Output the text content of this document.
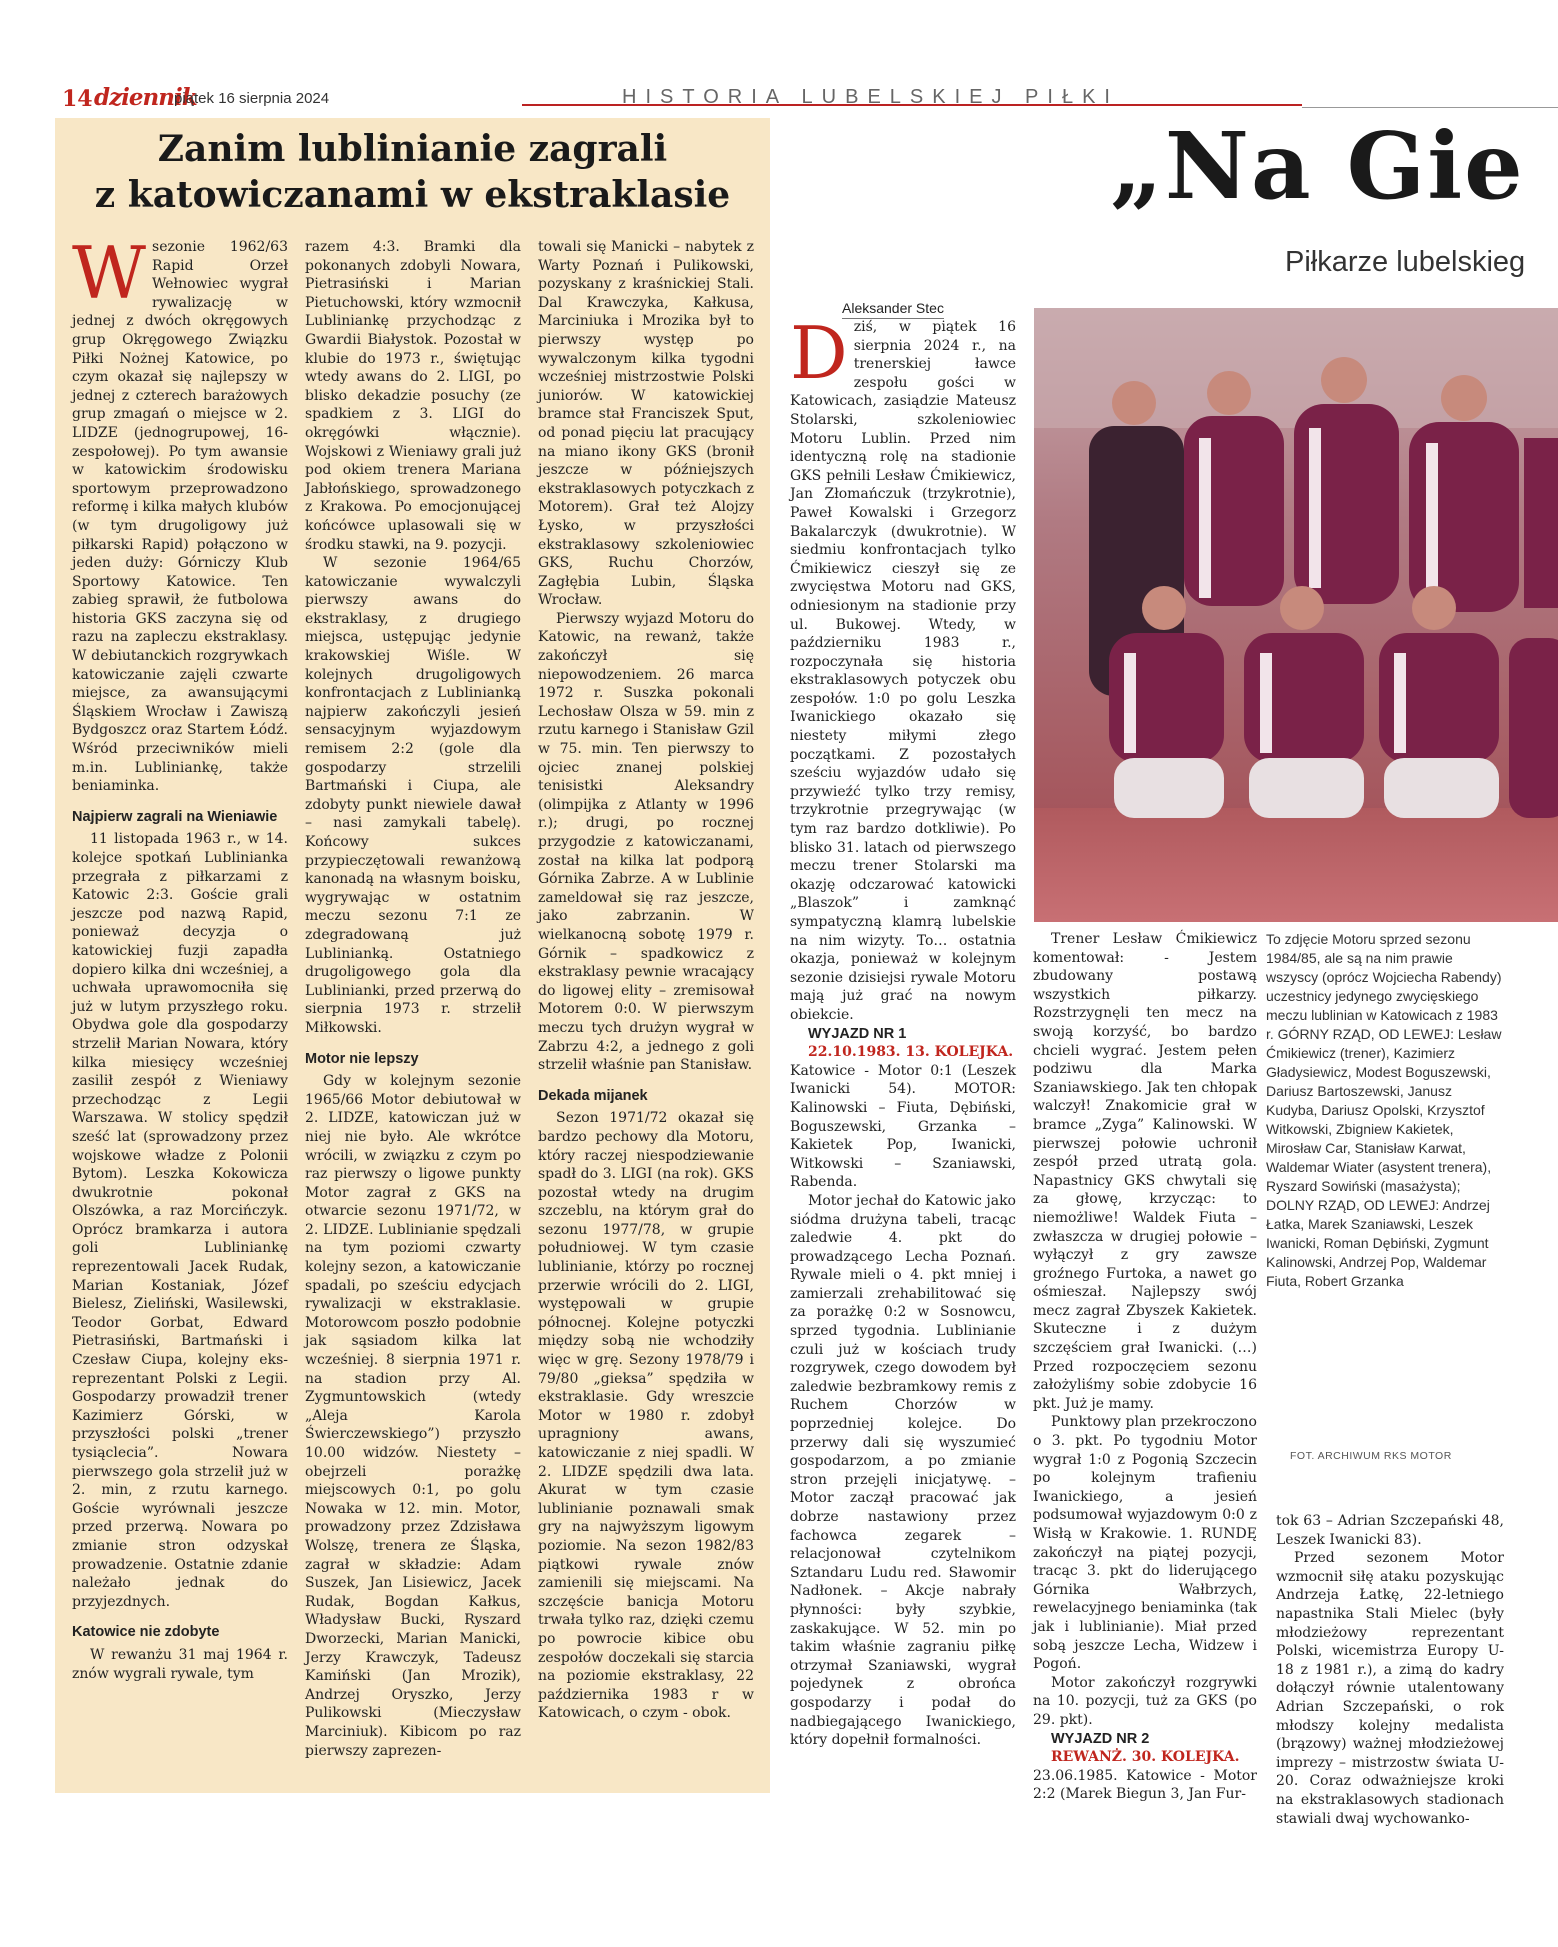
14 dziennik
piątek 16 sierpnia 2024	HISTORIA LUBELSKIEJ PIŁKI
Zanim lublinianie zagrali
z katowiczanami w ekstraklasie

Wsezonie 1962/63 Rapid Orzeł Wełnowiec wygrał rywalizację w jednej z dwóch okręgowych grup Okręgowego Związku Piłki Nożnej Katowice, po czym okazał się najlepszy w jednej z czterech barażowych grup zmagań o miejsce w 2. LIDZE (jednogrupowej, 16-zespołowej). Po tym awansie w katowickim środowisku sportowym przeprowadzono reformę i kilka małych klubów (w tym drugoligowy już piłkarski Rapid) połączono w jeden duży: Górniczy Klub Sportowy Katowice. Ten zabieg sprawił, że futbolowa historia GKS zaczyna się od razu na zapleczu ekstraklasy. W debiutanckich rozgrywkach katowiczanie zajęli czwarte miejsce, za awansującymi Śląskiem Wrocław i Zawiszą Bydgoszcz oraz Startem Łódź. Wśród przeciwników mieli m.in. Lubliniankę, także beniaminka.

Najpierw zagrali na Wieniawie

11 listopada 1963 r., w 14. kolejce spotkań Lublinianka przegrała z piłkarzami z Katowic 2:3. Goście grali jeszcze pod nazwą Rapid, ponieważ decyzja o katowickiej fuzji zapadła dopiero kilka dni wcześniej, a uchwała uprawomocniła się już w lutym przyszłego roku. Obydwa gole dla gospodarzy strzelił Marian Nowara, który kilka miesięcy wcześniej zasilił zespół z Wieniawy przechodząc z Legii Warszawa. W stolicy spędził sześć lat (sprowadzony przez wojskowe władze z Polonii Bytom). Leszka Kokowicza dwukrotnie pokonał Olszówka, a raz Morcińczyk. Oprócz bramkarza i autora goli Lubliniankę reprezentowali Jacek Rudak, Marian Kostaniak, Józef Bielesz, Zieliński, Wasilewski, Teodor Gorbat, Edward Pietrasiński, Bartmański i Czesław Ciupa, kolejny eks-reprezentant Polski z Legii. Gospodarzy prowadził trener Kazimierz Górski, w przyszłości polski „trener tysiąclecia”. Nowara pierwszego gola strzelił już w 2. min, z rzutu karnego. Goście wyrównali jeszcze przed przerwą. Nowara po zmianie stron odzyskał prowadzenie. Ostatnie zdanie należało jednak do przyjezdnych.

Katowice nie zdobyte

W rewanżu 31 maj 1964 r. znów wygrali rywale, tym

razem 4:3. Bramki dla pokonanych zdobyli Nowara, Pietrasiński i Marian Pietuchowski, który wzmocnił Lubliniankę przychodząc z Gwardii Białystok. Pozostał w klubie do 1973 r., świętując wtedy awans do 2. LIGI, po blisko dekadzie posuchy (ze spadkiem z 3. LIGI do okręgówki włącznie). Wojskowi z Wieniawy grali już pod okiem trenera Mariana Jabłońskiego, sprowadzonego z Krakowa. Po emocjonującej końcówce uplasowali się w środku stawki, na 9. pozycji.

W sezonie 1964/65 katowiczanie wywalczyli pierwszy awans do ekstraklasy, z drugiego miejsca, ustępując jedynie krakowskiej Wiśle. W kolejnych drugoligowych konfrontacjach z Lublinianką najpierw zakończyli jesień sensacyjnym wyjazdowym remisem 2:2 (gole dla gospodarzy strzelili Bartmański i Ciupa, ale zdobyty punkt niewiele dawał – nasi zamykali tabelę). Końcowy sukces przypieczętowali rewanżową kanonadą na własnym boisku, wygrywając w ostatnim meczu sezonu 7:1 ze zdegradowaną już Lublinianką. Ostatniego drugoligowego gola dla Lublinianki, przed przerwą do sierpnia 1973 r. strzelił Miłkowski.

Motor nie lepszy

Gdy w kolejnym sezonie 1965/66 Motor debiutował w 2. LIDZE, katowiczan już w niej nie było. Ale wkrótce wrócili, w związku z czym po raz pierwszy o ligowe punkty Motor zagrał z GKS na otwarcie sezonu 1971/72, w 2. LIDZE. Lublinianie spędzali na tym poziomi czwarty kolejny sezon, a katowiczanie spadali, po sześciu edycjach rywalizacji w ekstraklasie. Motorowcom poszło podobnie jak sąsiadom kilka lat wcześniej. 8 sierpnia 1971 r. na stadion przy Al. Zygmuntowskich (wtedy „Aleja Karola Świerczewskiego”) przyszło 10.00 widzów. Niestety – obejrzeli porażkę miejscowych 0:1, po golu Nowaka w 12. min. Motor, prowadzony przez Zdzisława Wolszę, trenera ze Śląska, zagrał w składzie: Adam Suszek, Jan Lisiewicz, Jacek Rudak, Bogdan Kałkus, Władysław Bucki, Ryszard Dworzecki, Marian Manicki, Jerzy Krawczyk, Tadeusz Kamiński (Jan Mrozik), Andrzej Oryszko, Jerzy Pulikowski (Mieczysław Marciniuk). Kibicom po raz pierwszy zaprezen-

towali się Manicki – nabytek z Warty Poznań i Pulikowski, pozyskany z kraśnickiej Stali. Dal Krawczyka, Kałkusa, Marciniuka i Mrozika był to pierwszy występ po wywalczonym kilka tygodni wcześniej mistrzostwie Polski juniorów. W katowickiej bramce stał Franciszek Sput, od ponad pięciu lat pracujący na miano ikony GKS (bronił jeszcze w późniejszych ekstraklasowych potyczkach z Motorem). Grał też Alojzy Łysko, w przyszłości ekstraklasowy szkoleniowiec GKS, Ruchu Chorzów, Zagłębia Lubin, Śląska Wrocław.

Pierwszy wyjazd Motoru do Katowic, na rewanż, także zakończył się niepowodzeniem. 26 marca 1972 r. Suszka pokonali Lechosław Olsza w 59. min z rzutu karnego i Stanisław Gzil w 75. min. Ten pierwszy to ojciec znanej polskiej tenisistki Aleksandry (olimpijka z Atlanty w 1996 r.); drugi, po rocznej przygodzie z katowiczanami, został na kilka lat podporą Górnika Zabrze. A w Lublinie zameldował się raz jeszcze, jako zabrzanin. W wielkanocną sobotę 1979 r. Górnik – spadkowicz z ekstraklasy pewnie wracający do ligowej elity – zremisował Motorem 0:0. W pierwszym meczu tych drużyn wygrał w Zabrzu 4:2, a jednego z goli strzelił właśnie pan Stanisław.

Dekada mijanek

Sezon 1971/72 okazał się bardzo pechowy dla Motoru, który raczej niespodziewanie spadł do 3. LIGI (na rok). GKS pozostał wtedy na drugim szczeblu, na którym grał do sezonu 1977/78, w grupie południowej. W tym czasie lublinianie, którzy po rocznej przerwie wrócili do 2. LIGI, występowali w grupie północnej. Kolejne potyczki między sobą nie wchodziły więc w grę. Sezony 1978/79 i 79/80 „gieksa” spędziła w ekstraklasie. Gdy wreszcie Motor w 1980 r. zdobył upragniony awans, katowiczanie z niej spadli. W 2. LIDZE spędzili dwa lata. Akurat w tym czasie lublinianie poznawali smak gry na najwyższym ligowym poziomie. Na sezon 1982/83 piątkowi rywale znów zamienili się miejscami. Na szczęście banicja Motoru trwała tylko raz, dzięki czemu po powrocie kibice obu zespołów doczekali się starcia na poziomie ekstraklasy, 22 października 1983 r w Katowicach, o czym - obok.

„Na Gie
Piłkarze lubelskieg
Aleksander Stec

Dziś, w piątek 16 sierpnia 2024 r., na trenerskiej ławce zespołu gości w Katowicach, zasiądzie Mateusz Stolarski, szkoleniowiec Motoru Lublin. Przed nim identyczną rolę na stadionie GKS pełnili Lesław Ćmikiewicz, Jan Złomańczuk (trzykrotnie), Paweł Kowalski i Grzegorz Bakalarczyk (dwukrotnie). W siedmiu konfrontacjach tylko Ćmikiewicz cieszył się ze zwycięstwa Motoru nad GKS, odniesionym na stadionie przy ul. Bukowej. Wtedy, w październiku 1983 r., rozpoczynała się historia ekstraklasowych potyczek obu zespołów. 1:0 po golu Leszka Iwanickiego okazało się niestety miłymi złego początkami. Z pozostałych sześciu wyjazdów udało się przywieźć tylko trzy remisy, trzykrotnie przegrywając (w tym raz bardzo dotkliwie). Po blisko 31. latach od pierwszego meczu trener Stolarski ma okazję odczarować katowicki „Blaszok” i zamknąć sympatyczną klamrą lubelskie na nim wizyty. To… ostatnia okazja, ponieważ w kolejnym sezonie dzisiejsi rywale Motoru mają już grać na nowym obiekcie.

WYJAZD NR 1

22.10.1983. 13. KOLEJKA.

Katowice - Motor 0:1 (Leszek Iwanicki 54). MOTOR: Kalinowski – Fiuta, Dębiński, Boguszewski, Grzanka – Kakietek Pop, Iwanicki, Witkowski – Szaniawski, Rabenda.

Motor jechał do Katowic jako siódma drużyna tabeli, tracąc zaledwie 4. pkt do prowadzącego Lecha Poznań. Rywale mieli o 4. pkt mniej i zamierzali zrehabilitować się za porażkę 0:2 w Sosnowcu, sprzed tygodnia. Lublinianie czuli już w kościach trudy rozgrywek, czego dowodem był zaledwie bezbramkowy remis z Ruchem Chorzów w poprzedniej kolejce. Do przerwy dali się wyszumieć gospodarzom, a po zmianie stron przejęli inicjatywę. – Motor zaczął pracować jak dobrze nastawiony przez fachowca zegarek – relacjonował czytelnikom Sztandaru Ludu red. Sławomir Nadłonek. – Akcje nabrały płynności: były szybkie, zaskakujące. W 52. min po takim właśnie zagraniu piłkę otrzymał Szaniawski, wygrał pojedynek z obrońca gospodarzy i podał do nadbiegającego Iwanickiego, który dopełnił formalności.

Trener Lesław Ćmikiewicz komentował: - Jestem zbudowany postawą wszystkich piłkarzy. Rozstrzygnęli ten mecz na swoją korzyść, bo bardzo chcieli wygrać. Jestem pełen podziwu dla Marka Szaniawskiego. Jak ten chłopak walczył! Znakomicie grał w bramce „Zyga” Kalinowski. W pierwszej połowie uchronił zespół przed utratą gola. Napastnicy GKS chwytali się za głowę, krzycząc: to niemożliwe! Waldek Fiuta – zwłaszcza w drugiej połowie – wyłączył z gry zawsze groźnego Furtoka, a nawet go ośmieszał. Najlepszy swój mecz zagrał Zbyszek Kakietek. Skuteczne i z dużym szczęściem grał Iwanicki. (…) Przed rozpoczęciem sezonu założyliśmy sobie zdobycie 16 pkt. Już je mamy.

Punktowy plan przekroczono o 3. pkt. Po tygodniu Motor wygrał 1:0 z Pogonią Szczecin po kolejnym trafieniu Iwanickiego, a jesień podsumował wyjazdowym 0:0 z Wisłą w Krakowie. 1. RUNDĘ zakończył na piątej pozycji, tracąc 3. pkt do liderującego Górnika Wałbrzych, rewelacyjnego beniaminka (tak jak i lublinianie). Miał przed sobą jeszcze Lecha, Widzew i Pogoń.

Motor zakończył rozgrywki na 10. pozycji, tuż za GKS (po 29. pkt).

WYJAZD NR 2

REWANŻ. 30. KOLEJKA.

23.06.1985. Katowice - Motor 2:2 (Marek Biegun 3, Jan Fur-

To zdjęcie Motoru sprzed sezonu 1984/85, ale są na nim prawie wszyscy (oprócz Wojciecha Rabendy) uczestnicy jedynego zwycięskiego meczu lublinian w Katowicach z 1983 r. GÓRNY RZĄD, OD LEWEJ: Lesław Ćmikiewicz (trener), Kazimierz Gładysiewicz, Modest Boguszewski, Dariusz Bartoszewski, Janusz Kudyba, Dariusz Opolski, Krzysztof Witkowski, Zbigniew Kakietek, Mirosław Car, Stanisław Karwat, Waldemar Wiater (asystent trenera), Ryszard Sowiński (masażysta); DOLNY RZĄD, OD LEWEJ: Andrzej Łatka, Marek Szaniawski, Leszek Iwanicki, Roman Dębiński, Zygmunt Kalinowski, Andrzej Pop, Waldemar Fiuta, Robert Grzanka
FOT. ARCHIWUM RKS MOTOR

tok 63 – Adrian Szczepański 48, Leszek Iwanicki 83).

Przed sezonem Motor wzmocnił siłę ataku pozyskując Andrzeja Łatkę, 22-letniego napastnika Stali Mielec (były młodzieżowy reprezentant Polski, wicemistrza Europy U-18 z 1981 r.), a zimą do kadry dołączył równie utalentowany Adrian Szczepański, o rok młodszy kolejny medalista (brązowy) ważnej młodzieżowej imprezy – mistrzostw świata U-20. Coraz odważniejsze kroki na ekstraklasowych stadionach stawiali dwaj wychowanko-
